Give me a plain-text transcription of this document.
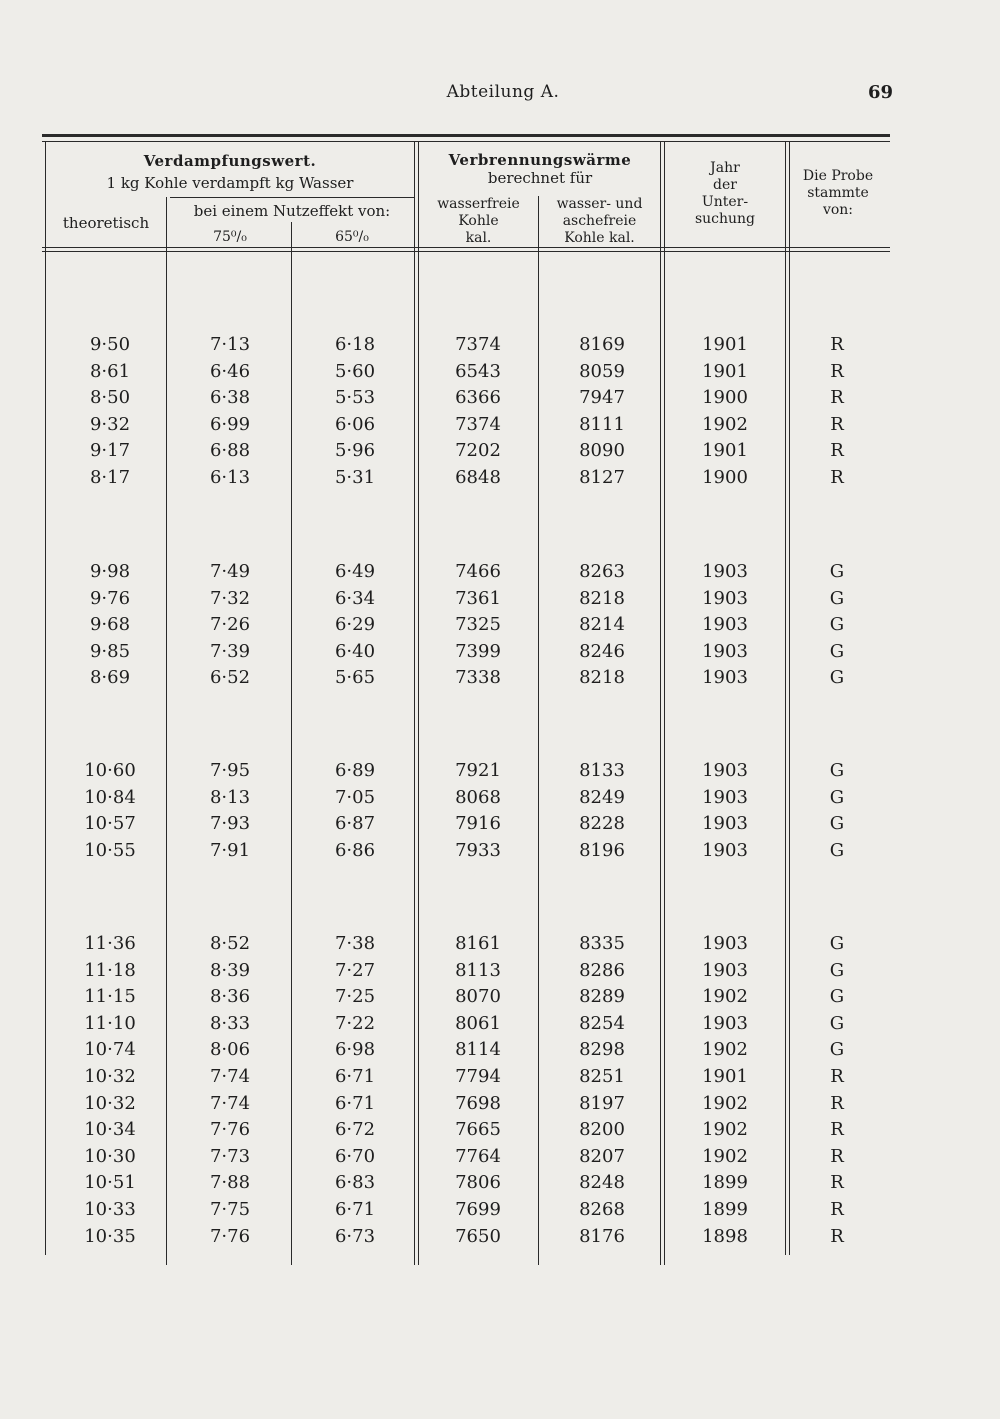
Abteilung A.	69
Verdampfungswert.
1 kg Kohle verdampft kg Wasser
bei einem Nutzeffekt von:
theoretisch
75⁰/₀	65⁰/₀
Verbrennungswärme
berechnet für
wasserfreie
Kohle
kal.
wasser- und
aschefreie
Kohle kal.
Jahr
der
Unter-
suchung
Die Probe
stammte
von:
9·50	7·13	6·18	7374	8169	1901	R
8·61	6·46	5·60	6543	8059	1901	R
8·50	6·38	5·53	6366	7947	1900	R
9·32	6·99	6·06	7374	8111	1902	R
9·17	6·88	5·96	7202	8090	1901	R
8·17	6·13	5·31	6848	8127	1900	R
9·98	7·49	6·49	7466	8263	1903	G
9·76	7·32	6·34	7361	8218	1903	G
9·68	7·26	6·29	7325	8214	1903	G
9·85	7·39	6·40	7399	8246	1903	G
8·69	6·52	5·65	7338	8218	1903	G
10·60	7·95	6·89	7921	8133	1903	G
10·84	8·13	7·05	8068	8249	1903	G
10·57	7·93	6·87	7916	8228	1903	G
10·55	7·91	6·86	7933	8196	1903	G
11·36	8·52	7·38	8161	8335	1903	G
11·18	8·39	7·27	8113	8286	1903	G
11·15	8·36	7·25	8070	8289	1902	G
11·10	8·33	7·22	8061	8254	1903	G
10·74	8·06	6·98	8114	8298	1902	G
10·32	7·74	6·71	7794	8251	1901	R
10·32	7·74	6·71	7698	8197	1902	R
10·34	7·76	6·72	7665	8200	1902	R
10·30	7·73	6·70	7764	8207	1902	R
10·51	7·88	6·83	7806	8248	1899	R
10·33	7·75	6·71	7699	8268	1899	R
10·35	7·76	6·73	7650	8176	1898	R
